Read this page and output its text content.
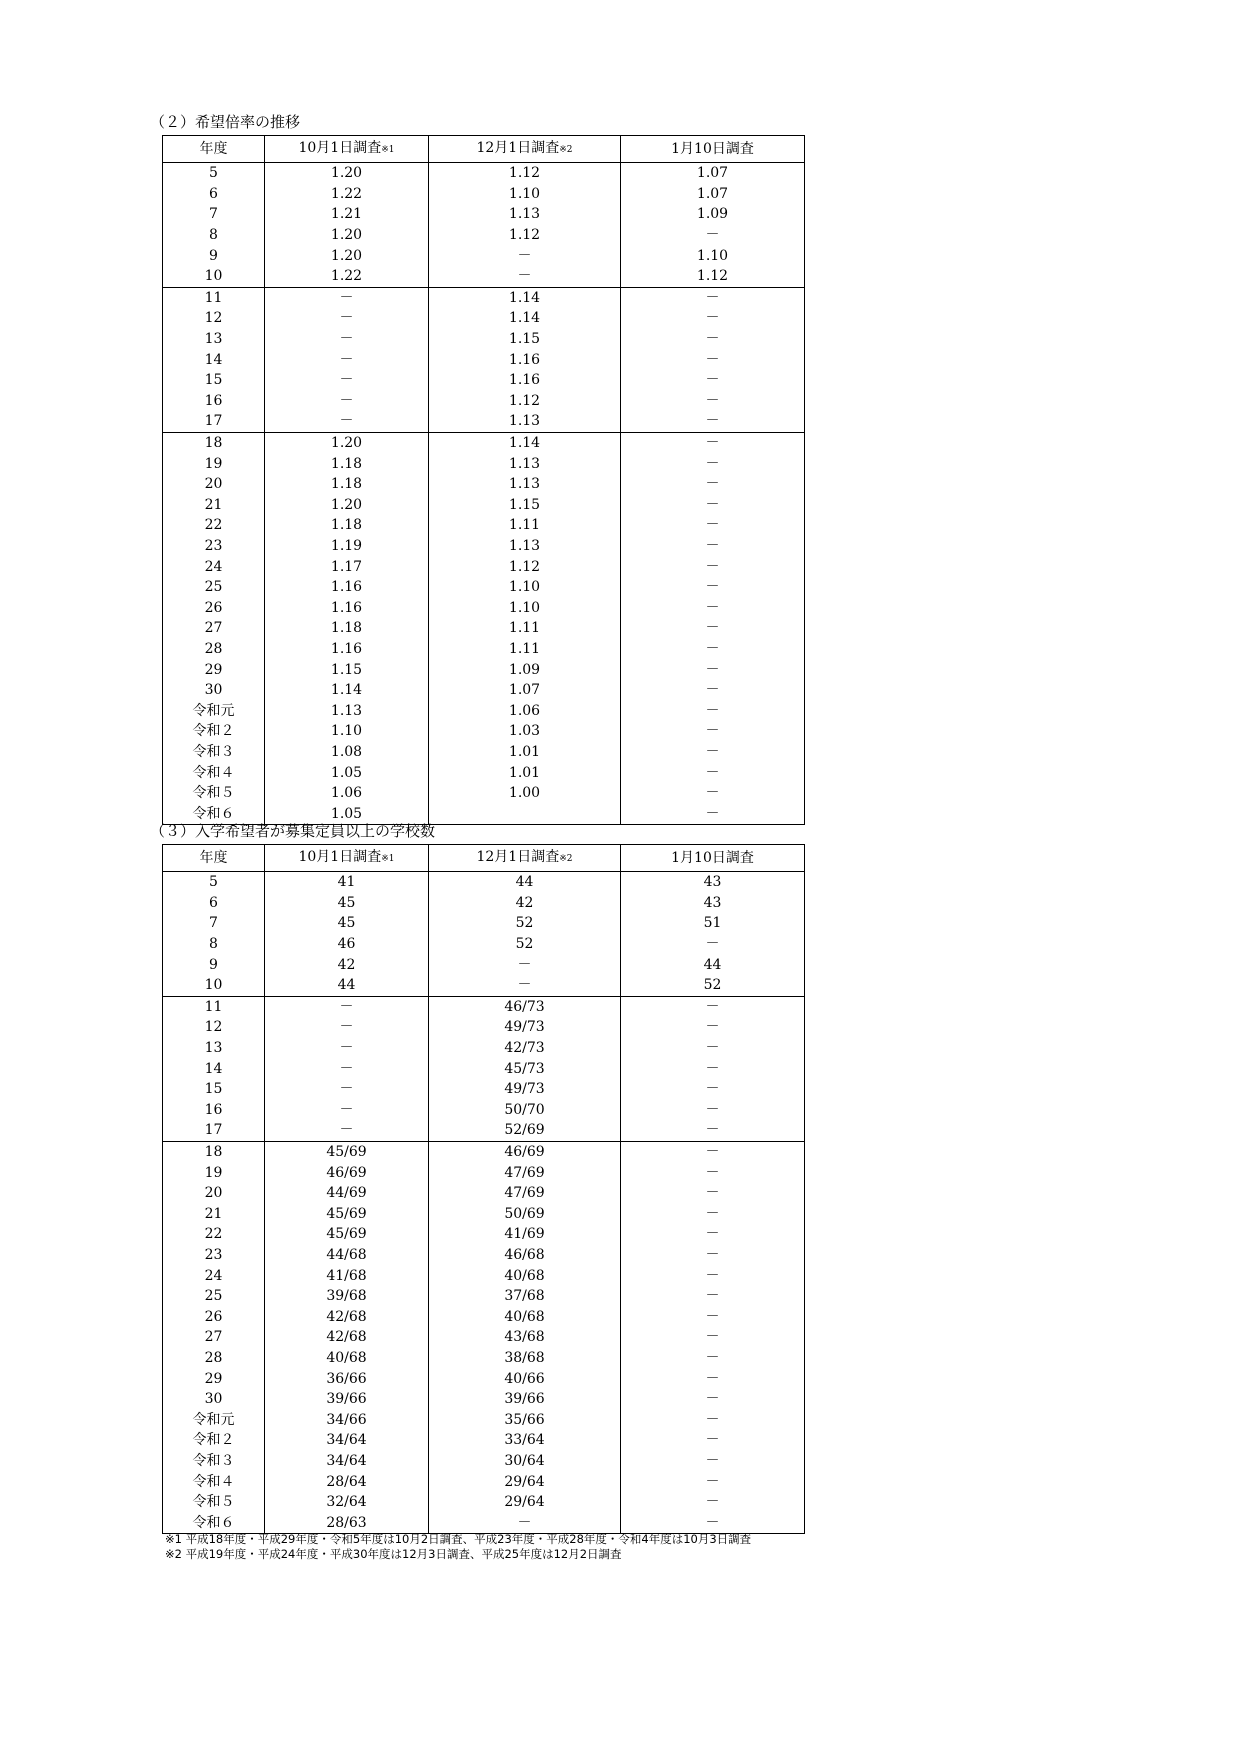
（２）希望倍率の推移
年度	10月1日調査※1	12月1日調査※2	1月10日調査
5	1.20	1.12	1.07
6	1.22	1.10	1.07
7	1.21	1.13	1.09
8	1.20	1.12	－
9	1.20	－	1.10
10	1.22	－	1.12
11	－	1.14	－
12	－	1.14	－
13	－	1.15	－
14	－	1.16	－
15	－	1.16	－
16	－	1.12	－
17	－	1.13	－
18	1.20	1.14	－
19	1.18	1.13	－
20	1.18	1.13	－
21	1.20	1.15	－
22	1.18	1.11	－
23	1.19	1.13	－
24	1.17	1.12	－
25	1.16	1.10	－
26	1.16	1.10	－
27	1.18	1.11	－
28	1.16	1.11	－
29	1.15	1.09	－
30	1.14	1.07	－
令和元	1.13	1.06	－
令和２	1.10	1.03	－
令和３	1.08	1.01	－
令和４	1.05	1.01	－
令和５	1.06	1.00	－
令和６	1.05		－
（３）入学希望者が募集定員以上の学校数
年度	10月1日調査※1	12月1日調査※2	1月10日調査
5	41	44	43
6	45	42	43
7	45	52	51
8	46	52	－
9	42	－	44
10	44	－	52
11	－	46/73	－
12	－	49/73	－
13	－	42/73	－
14	－	45/73	－
15	－	49/73	－
16	－	50/70	－
17	－	52/69	－
18	45/69	46/69	－
19	46/69	47/69	－
20	44/69	47/69	－
21	45/69	50/69	－
22	45/69	41/69	－
23	44/68	46/68	－
24	41/68	40/68	－
25	39/68	37/68	－
26	42/68	40/68	－
27	42/68	43/68	－
28	40/68	38/68	－
29	36/66	40/66	－
30	39/66	39/66	－
令和元	34/66	35/66	－
令和２	34/64	33/64	－
令和３	34/64	30/64	－
令和４	28/64	29/64	－
令和５	32/64	29/64	－
令和６	28/63	－	－
※1 平成18年度・平成29年度・令和5年度は10月2日調査、平成23年度・平成28年度・令和4年度は10月3日調査
※2 平成19年度・平成24年度・平成30年度は12月3日調査、平成25年度は12月2日調査
